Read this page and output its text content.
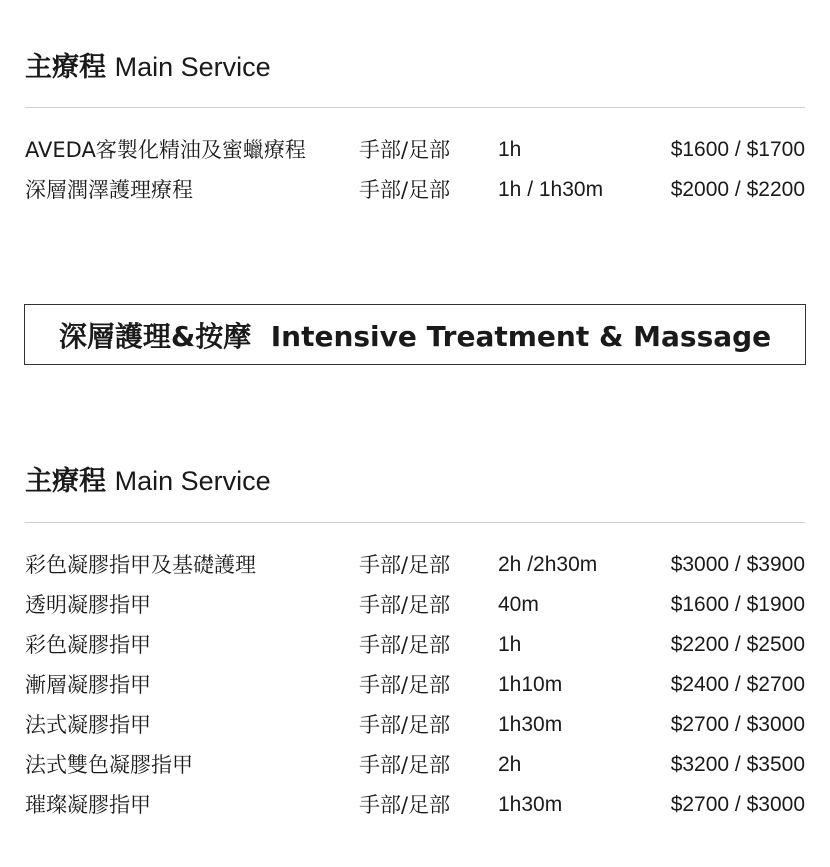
主療程 Main Service
AVEDA客製化精油及蜜蠟療程	手部/足部 1h	$1600 / $1700
深層潤澤護理療程	手部/足部 1h / 1h30m	$2000 / $2200
深層護理&按摩  Intensive Treatment & Massage
主療程 Main Service
彩色凝膠指甲及基礎護理	手部/足部 2h /2h30m	$3000 / $3900
透明凝膠指甲	手部/足部 40m	$1600 / $1900
彩色凝膠指甲	手部/足部 1h	$2200 / $2500
漸層凝膠指甲	手部/足部 1h10m	$2400 / $2700
法式凝膠指甲	手部/足部 1h30m	$2700 / $3000
法式雙色凝膠指甲	手部/足部 2h	$3200 / $3500
璀璨凝膠指甲	手部/足部 1h30m	$2700 / $3000
